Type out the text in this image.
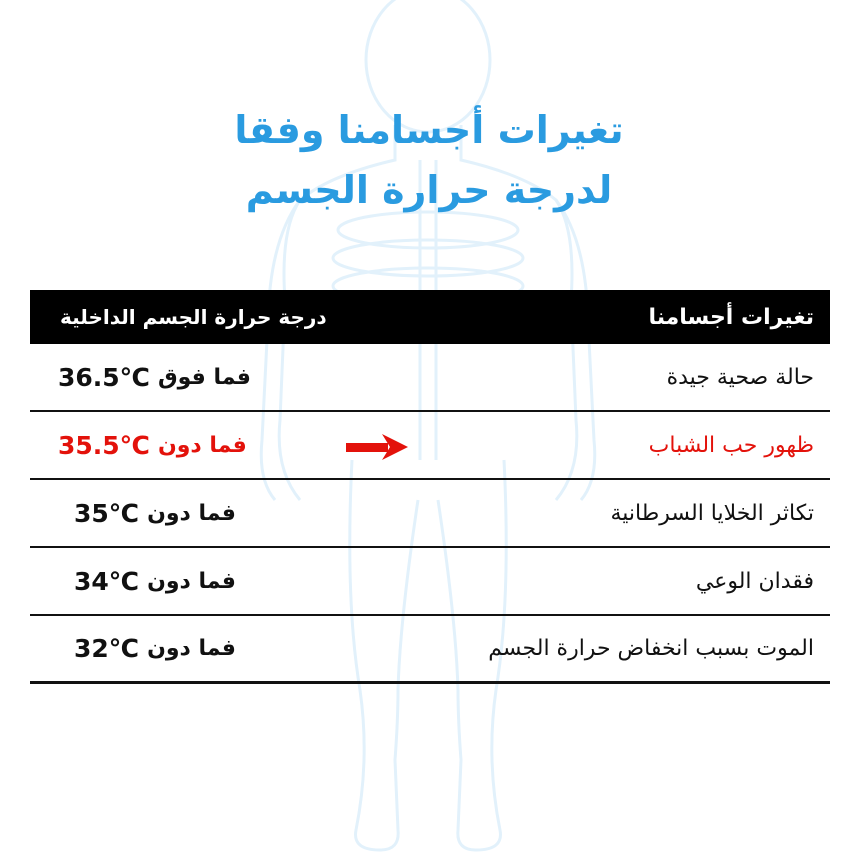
تغيرات أجسامنا وفقا
لدرجة حرارة الجسم
درجة حرارة الجسم الداخلية	تغيرات أجسامنا
36.5℃ فما فوق	حالة صحية جيدة
35.5℃ فما دون	ظهور حب الشباب
35℃ فما دون	تكاثر الخلايا السرطانية
34℃ فما دون	فقدان الوعي
32℃ فما دون	الموت بسبب انخفاض حرارة الجسم
